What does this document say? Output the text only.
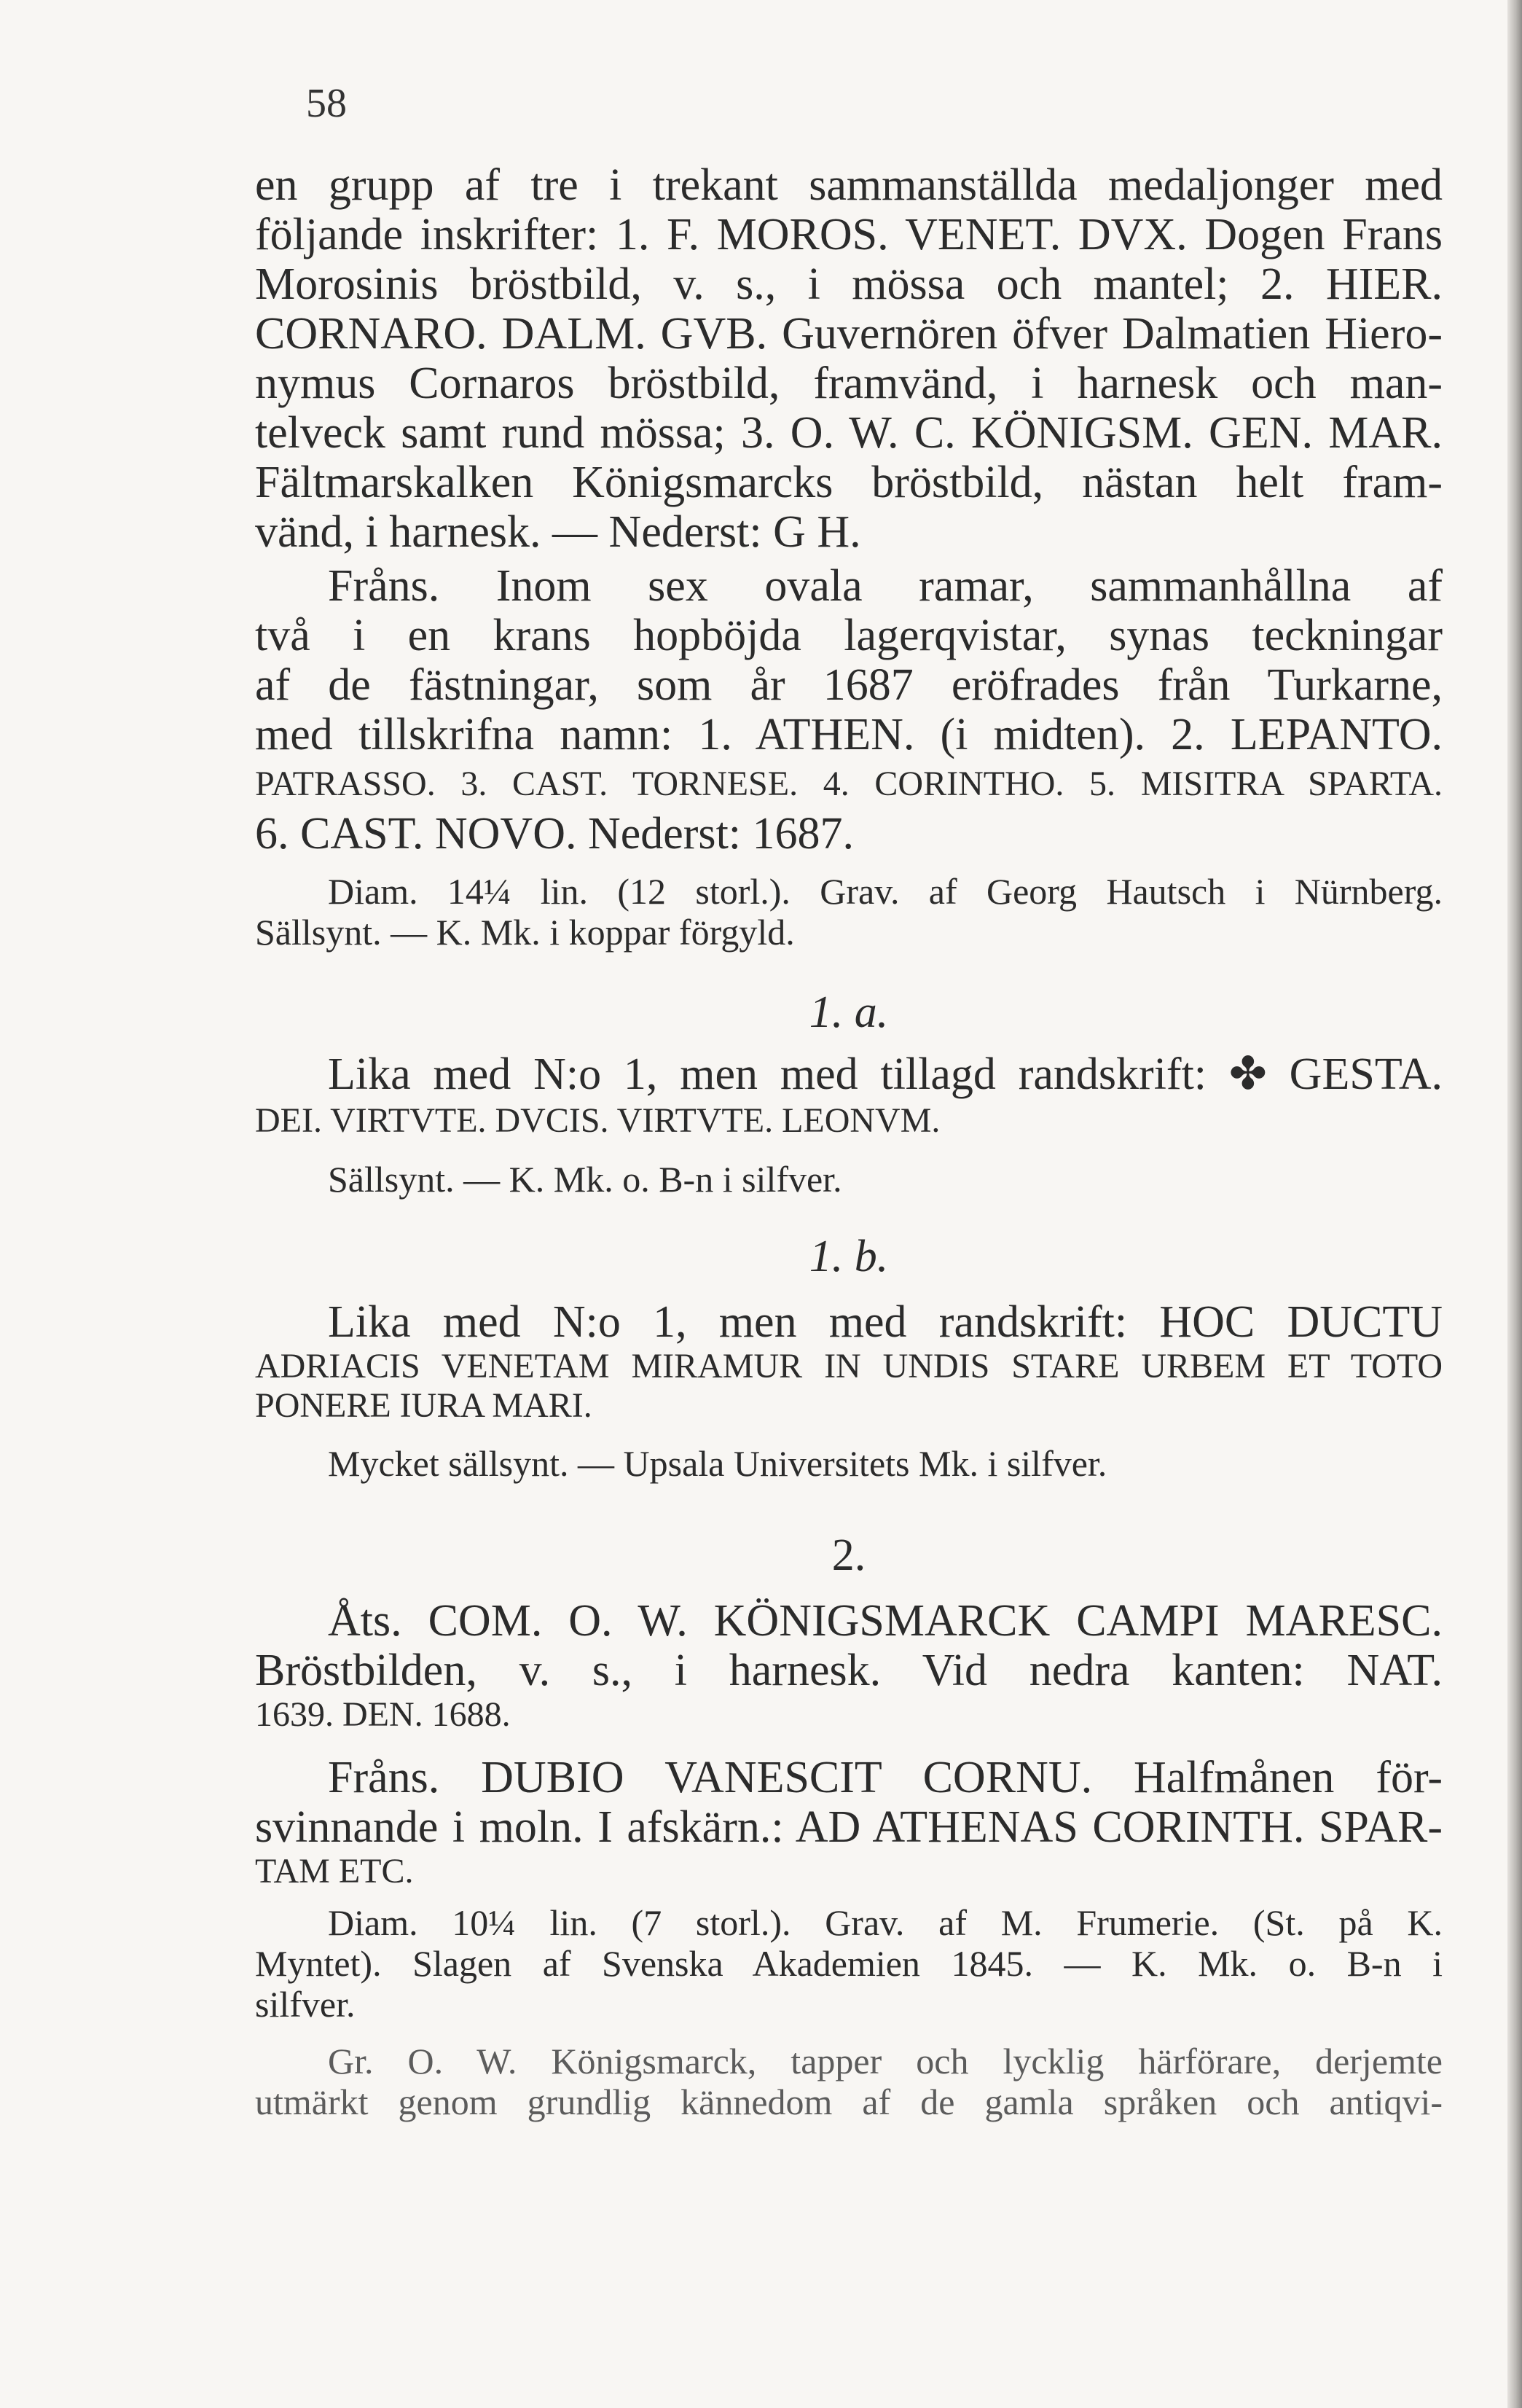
58
en grupp af tre i trekant sammanställda medaljonger med
följande inskrifter: 1. F. MOROS. VENET. DVX. Dogen Frans
Morosinis bröstbild, v. s., i mössa och mantel; 2. HIER.
CORNARO. DALM. GVB. Guvernören öfver Dalmatien Hiero-
nymus Cornaros bröstbild, framvänd, i harnesk och man-
telveck samt rund mössa; 3. O. W. C. KÖNIGSM. GEN. MAR.
Fältmarskalken Königsmarcks bröstbild, nästan helt fram-
vänd, i harnesk. — Nederst: G H.
Fråns. Inom sex ovala ramar, sammanhållna af
två i en krans hopböjda lagerqvistar, synas teckningar
af de fästningar, som år 1687 eröfrades från Turkarne,
med tillskrifna namn: 1. ATHEN. (i midten). 2. LEPANTO.
PATRASSO. 3. CAST. TORNESE. 4. CORINTHO. 5. MISITRA SPARTA.
6. CAST. NOVO. Nederst: 1687.
Diam. 14¼ lin. (12 storl.). Grav. af Georg Hautsch i Nürnberg.
Sällsynt. — K. Mk. i koppar förgyld.
1. a.
Lika med N:o 1, men med tillagd randskrift: ✤ GESTA.
DEI. VIRTVTE. DVCIS. VIRTVTE. LEONVM.
Sällsynt. — K. Mk. o. B-n i silfver.
1. b.
Lika med N:o 1, men med randskrift: HOC DUCTU
ADRIACIS VENETAM MIRAMUR IN UNDIS STARE URBEM ET TOTO
PONERE IURA MARI.
Mycket sällsynt. — Upsala Universitets Mk. i silfver.
2.
Åts. COM. O. W. KÖNIGSMARCK CAMPI MARESC.
Bröstbilden, v. s., i harnesk. Vid nedra kanten: NAT.
1639. DEN. 1688.
Fråns. DUBIO VANESCIT CORNU. Halfmånen för-
svinnande i moln. I afskärn.: AD ATHENAS CORINTH. SPAR-
TAM ETC.
Diam. 10¼ lin. (7 storl.). Grav. af M. Frumerie. (St. på K.
Myntet). Slagen af Svenska Akademien 1845. — K. Mk. o. B-n i
silfver.
Gr. O. W. Königsmarck, tapper och lycklig härförare, derjemte
utmärkt genom grundlig kännedom af de gamla språken och antiqvi-
